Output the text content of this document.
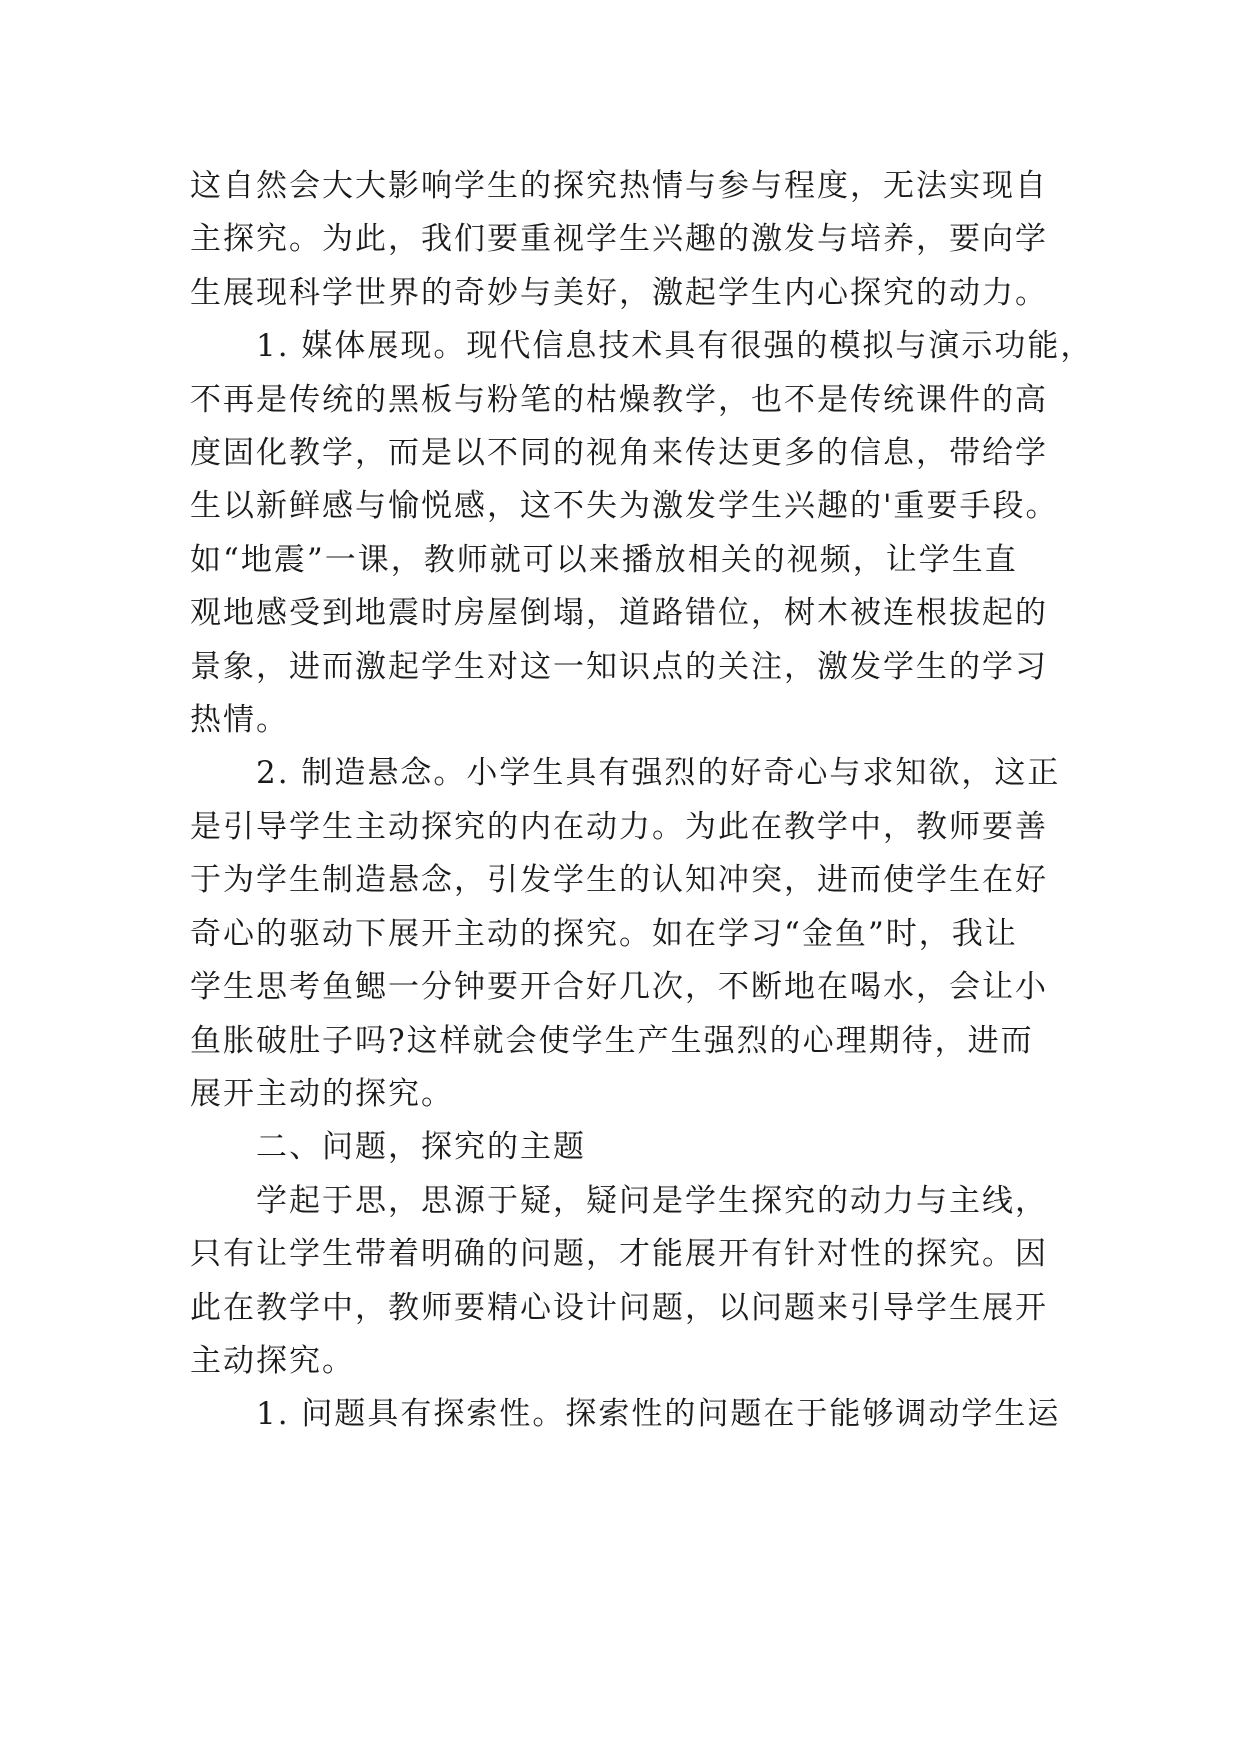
这自然会大大影响学生的探究热情与参与程度，无法实现自
主探究。为此，我们要重视学生兴趣的激发与培养，要向学
生展现科学世界的奇妙与美好，激起学生内心探究的动力。

1. 媒体展现。现代信息技术具有很强的模拟与演示功能，
不再是传统的黑板与粉笔的枯燥教学，也不是传统课件的高
度固化教学，而是以不同的视角来传达更多的信息，带给学
生以新鲜感与愉悦感，这不失为激发学生兴趣的'重要手段。
如“地震”一课，教师就可以来播放相关的视频，让学生直
观地感受到地震时房屋倒塌，道路错位，树木被连根拔起的
景象，进而激起学生对这一知识点的关注，激发学生的学习
热情。

2. 制造悬念。小学生具有强烈的好奇心与求知欲，这正
是引导学生主动探究的内在动力。为此在教学中，教师要善
于为学生制造悬念，引发学生的认知冲突，进而使学生在好
奇心的驱动下展开主动的探究。如在学习“金鱼”时，我让
学生思考鱼鳃一分钟要开合好几次，不断地在喝水，会让小
鱼胀破肚子吗?这样就会使学生产生强烈的心理期待，进而
展开主动的探究。

二、问题，探究的主题

学起于思，思源于疑，疑问是学生探究的动力与主线，
只有让学生带着明确的问题，才能展开有针对性的探究。因
此在教学中，教师要精心设计问题，以问题来引导学生展开
主动探究。

1. 问题具有探索性。探索性的问题在于能够调动学生运
